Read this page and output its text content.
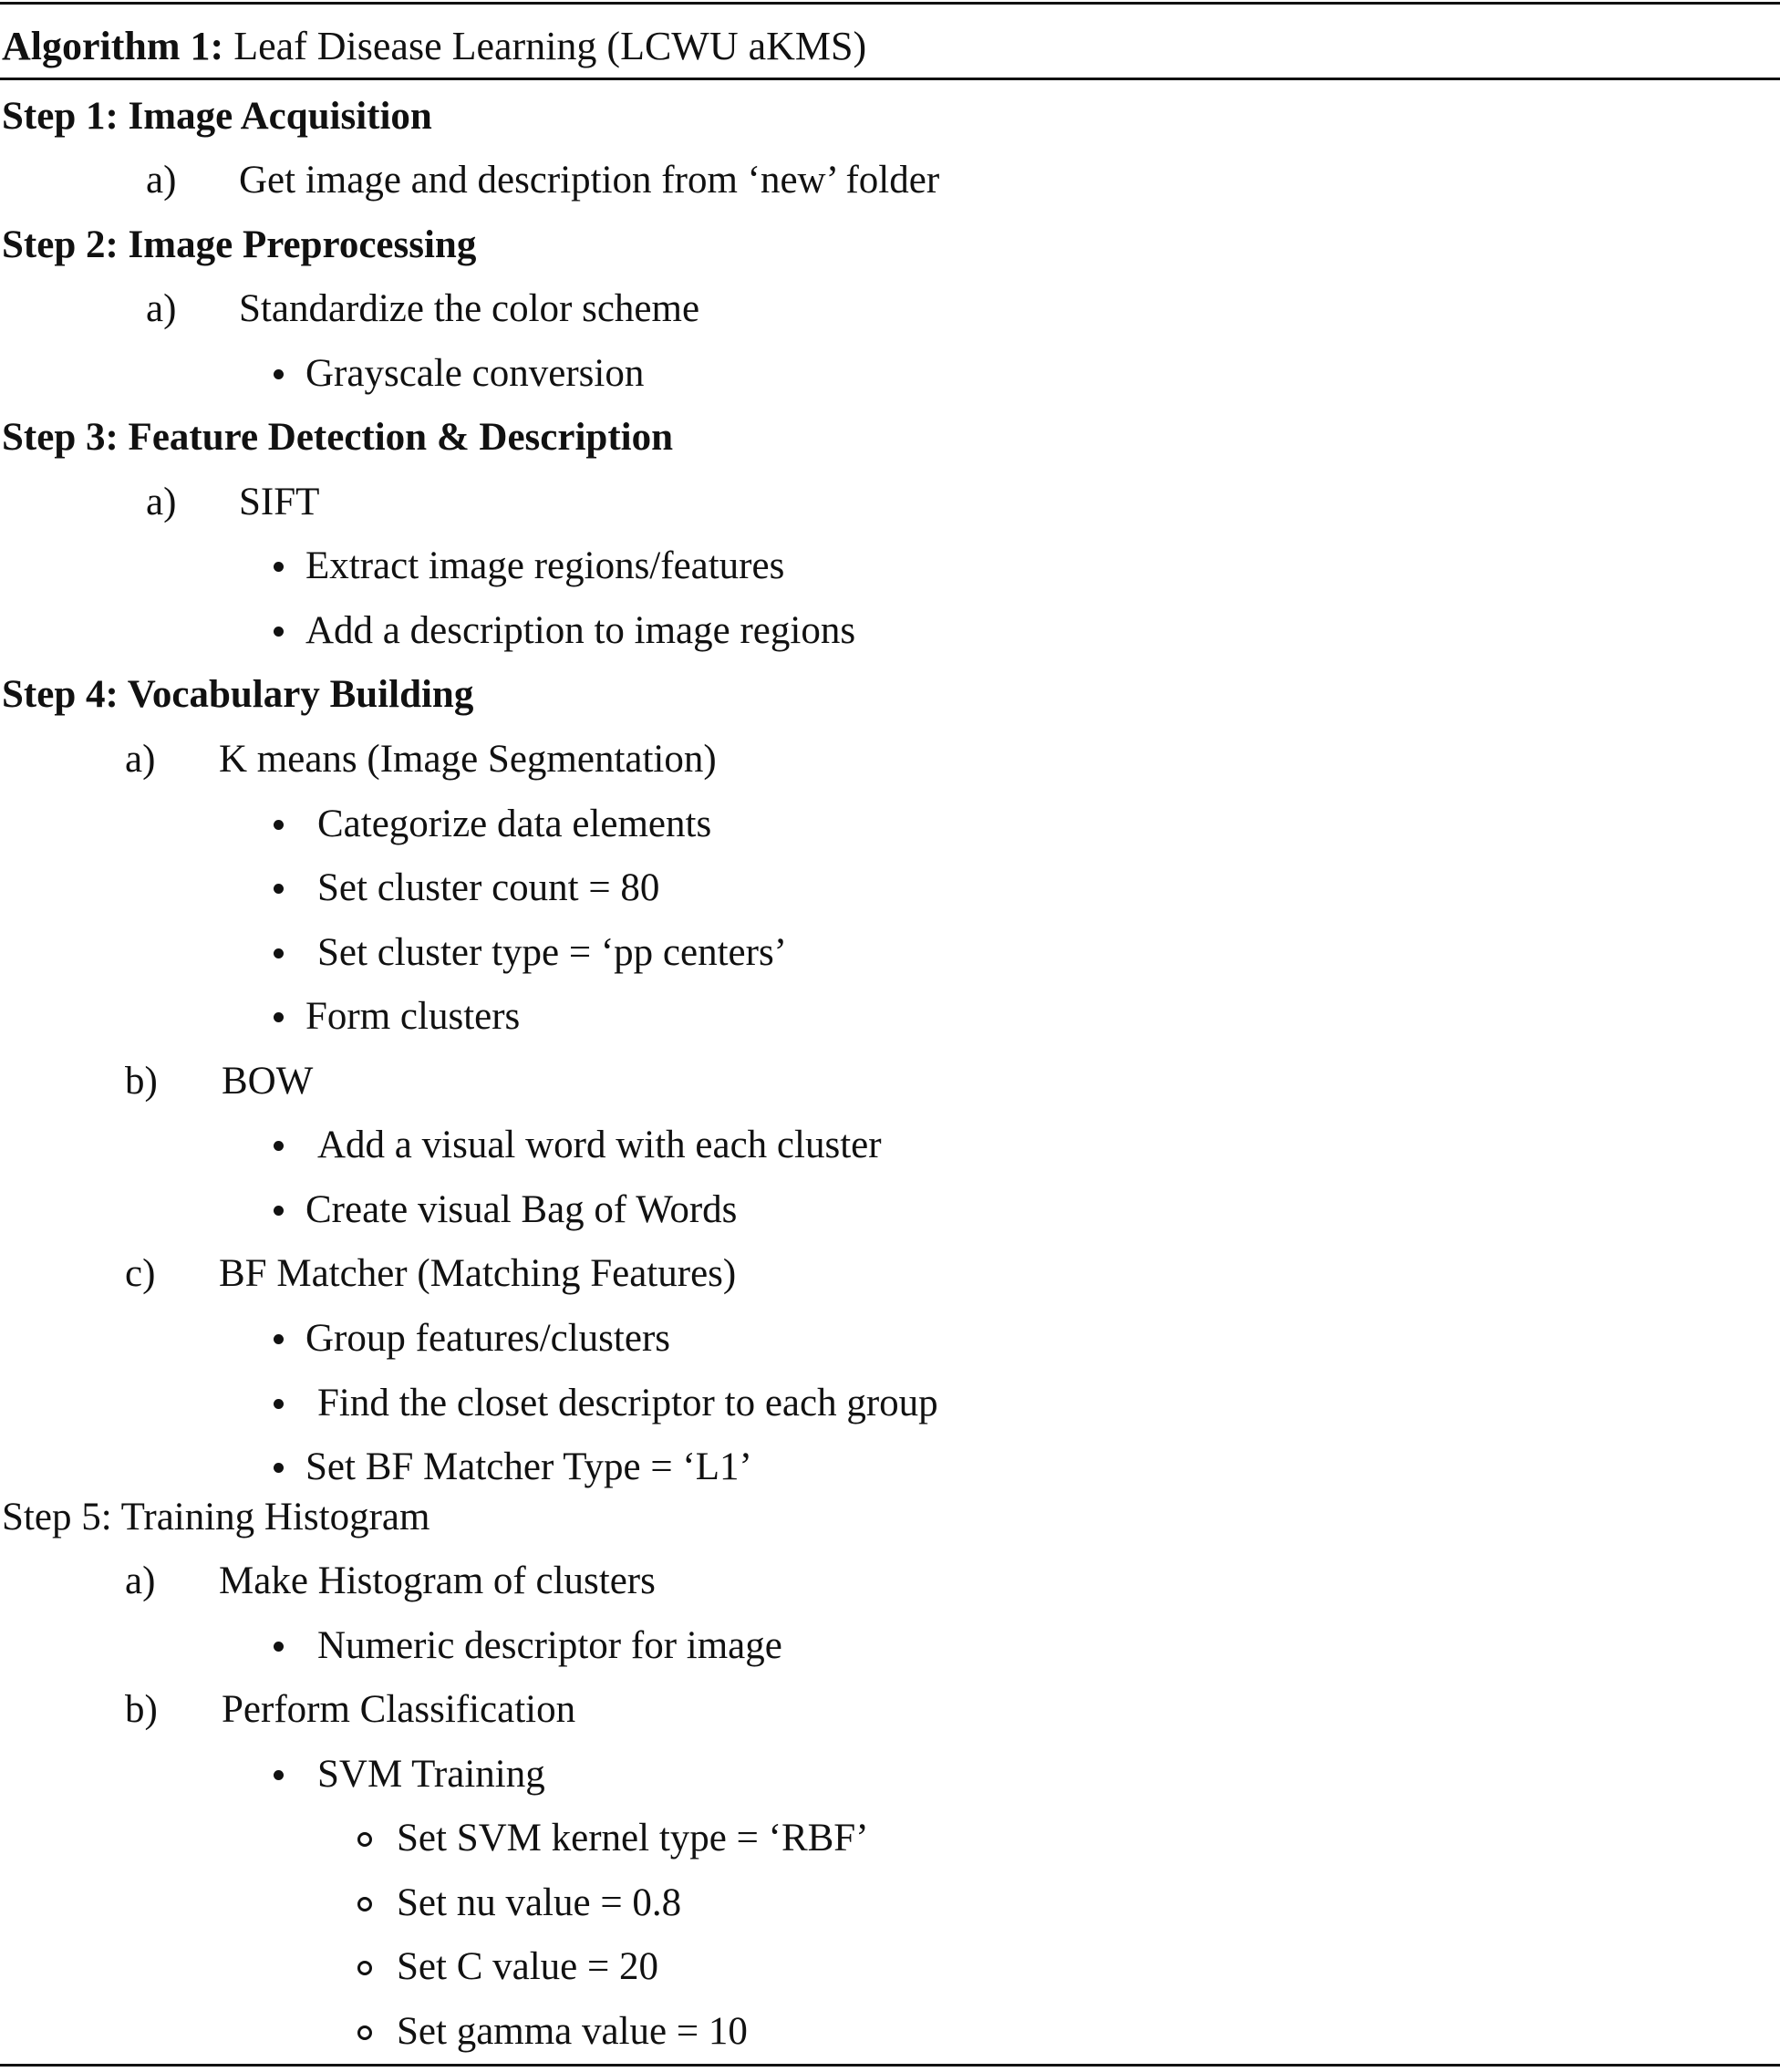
Algorithm 1: Leaf Disease Learning (LCWU aKMS)
Step 1: Image Acquisition
a) Get image and description from ‘new’ folder
Step 2: Image Preprocessing
a) Standardize the color scheme
Grayscale conversion
Step 3: Feature Detection & Description
a) SIFT
Extract image regions/features
Add a description to image regions
Step 4: Vocabulary Building
a) K means (Image Segmentation)
Categorize data elements
Set cluster count = 80
Set cluster type = ‘pp centers’
Form clusters
b) BOW
Add a visual word with each cluster
Create visual Bag of Words
c) BF Matcher (Matching Features)
Group features/clusters
Find the closet descriptor to each group
Set BF Matcher Type = ‘L1’
Step 5: Training Histogram
a) Make Histogram of clusters
Numeric descriptor for image
b) Perform Classification
SVM Training
Set SVM kernel type = ‘RBF’
Set nu value = 0.8
Set C value = 20
Set gamma value = 10
